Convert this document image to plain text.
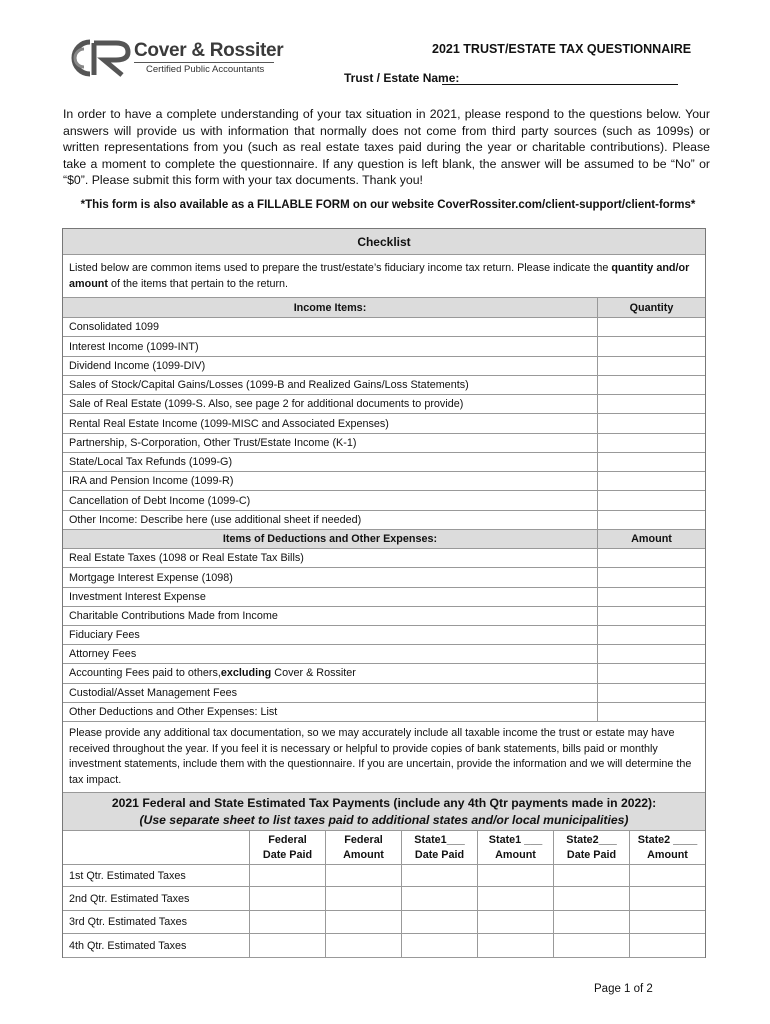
Cover & Rossiter
Certified Public Accountants
2021 TRUST/ESTATE TAX QUESTIONNAIRE
Trust / Estate Name:

In order to have a complete understanding of your tax situation in 2021, please respond to the questions below. Your answers will provide us with information that normally does not come from third party sources (such as 1099s) or written representations from you (such as real estate taxes paid during the year or charitable contributions). Please take a moment to complete the questionnaire. If any question is left blank, the answer will be assumed to be “No” or “$0”. Please submit this form with your tax documents. Thank you!

*This form is also available as a FILLABLE FORM on our website CoverRossiter.com/client-support/client-forms*
Checklist
Listed below are common items used to prepare the trust/estate’s fiduciary income tax return. Please indicate the quantity and/or amount of the items that pertain to the return.
Income Items:	Quantity
Consolidated 1099
Interest Income (1099-INT)
Dividend Income (1099-DIV)
Sales of Stock/Capital Gains/Losses (1099-B and Realized Gains/Loss Statements)
Sale of Real Estate (1099-S. Also, see page 2 for additional documents to provide)
Rental Real Estate Income (1099-MISC and Associated Expenses)
Partnership, S-Corporation, Other Trust/Estate Income (K-1)
State/Local Tax Refunds (1099-G)
IRA and Pension Income (1099-R)
Cancellation of Debt Income (1099-C)
Other Income: Describe here (use additional sheet if needed)
Items of Deductions and Other Expenses:	Amount
Real Estate Taxes (1098 or Real Estate Tax Bills)
Mortgage Interest Expense (1098)
Investment Interest Expense
Charitable Contributions Made from Income
Fiduciary Fees
Attorney Fees
Accounting Fees paid to others, excluding Cover & Rossiter
Custodial/Asset Management Fees
Other Deductions and Other Expenses: List
Please provide any additional tax documentation, so we may accurately include all taxable income the trust or estate may have received throughout the year. If you feel it is necessary or helpful to provide copies of bank statements, bills paid or monthly investment statements, include them with the questionnaire. If you are uncertain, provide the information and we will determine the tax impact.
2021 Federal and State Estimated Tax Payments (include any 4th Qtr payments made in 2022):
(Use separate sheet to list taxes paid to additional states and/or local municipalities)
Federal
Date Paid
Federal
Amount
State1___
Date Paid
State1 ___
Amount
State2___
Date Paid
State2 ____
Amount
1st Qtr. Estimated Taxes
2nd Qtr. Estimated Taxes
3rd Qtr. Estimated Taxes
4th Qtr. Estimated Taxes
Page 1 of 2
